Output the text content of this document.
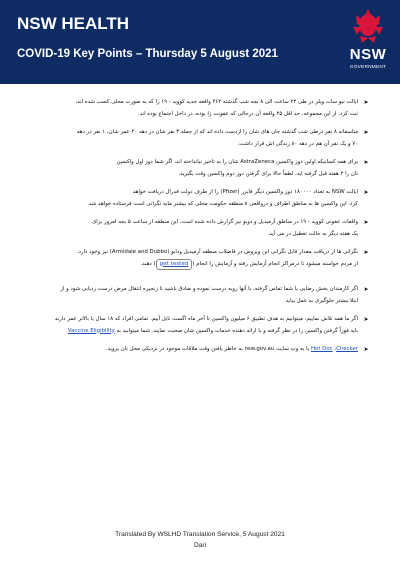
NSW HEALTH
COVID-19 Key Points – Thursday 5 August 2021	NSW
GOVERNMENT
➤
ایالت نیو سات ویلز در طی ۲۴ ساعت الی ۸ بجه شب گذشته ۲۶۲ واقعه جدید کووید - ۱۹ را که به صورت محلی کسب شده اند،
ثبت کرد. از این مجموعه، حد اقل ۴۵ واقعه آن درجالی که عفونت زا بوده، در داخل اجتماع بوده اند.
➤
متاسفانه ۸ نفر درطی شب گذشته جان های شان را ازدست داده اند که از جمله ۳ نفر شان در دهه ۴۰ عمر شان، ۱ نفر در دهه
۷۰ و یک نفر آن هم در دهه ۸۰ زندگی اش قرار داشت.
➤
برای همه کسانیکه اولین دوز واکسین AstraZeneca شان را به تاخیر نیانداخته اند، اگر شما دوز اول واکسین
تان را ۴ هفته قبل گرفته اید، لطفاً حالا برای گرفتن دوز دوم واکسین وقت بگیرید.
➤
ایالت NSW به تعداد ۱۸۰۰۰۰ دوز واکسین دیگر فایزر (Pfizer) را از طرف دولت فدرال دریافت خواهد
کرد. این واکسین ها به مناطق اطراف و درواقعی ۸ منطقه حکومت محلی که بیشتر مایه نگرانی است فرستاده خواهد شد.
➤
واقعات عفونی کووید - ۱۹ در مناطق آرمیدیل و دوبو نیز گزارش داده شده است. این منطقه از ساعت ۵ بجه امروز برای
یک هفته دیگر به حالت تعطیل در می آید.
➤
نگرانی ها از دریافت مقدار قابل نگرانی این ویروس در فاضلاب منطقه آرمیدیل ودابو (Armidale and Dubbo) نیز وجود دارد.
از مردم خواسته میشود تا درمراکز انجام آزمایش رفته و آزمایش را انجام (get tested) دهند.
➤
اگر کارمندان بخش رضایی یا شما تماس گرفته، با آنها روبه درست نموده و صادق باشید تا زنجیره انتقال مرض درست ردیابی شود و از
ابتلا بیشتر جلوگیری به عمل بیاید.
➤
اگر ما همه تلاش نماییم، میتوانیم به هدف تطبیق ۶ میلیون واکسین تا آخر ماه اگست نایل آییم. تمامی افراد که ۱۸ سال یا بالاتر عمر دارند
باید فوراً گرفتن واکسین را در نظر گرفته و با ارائه دهنده خدمات واکسین شان صحبت نمایند. شما میتوانید به Vaccine Eligibility
➤
Checker، Hot Doc یا به وب سایت nsw.gov.au به خاطر یافتن وقت ملاقات موجود در نزدیکی محل تان بروید.
Translated By WSLHD Translation Service, 5 August 2021
Dari
